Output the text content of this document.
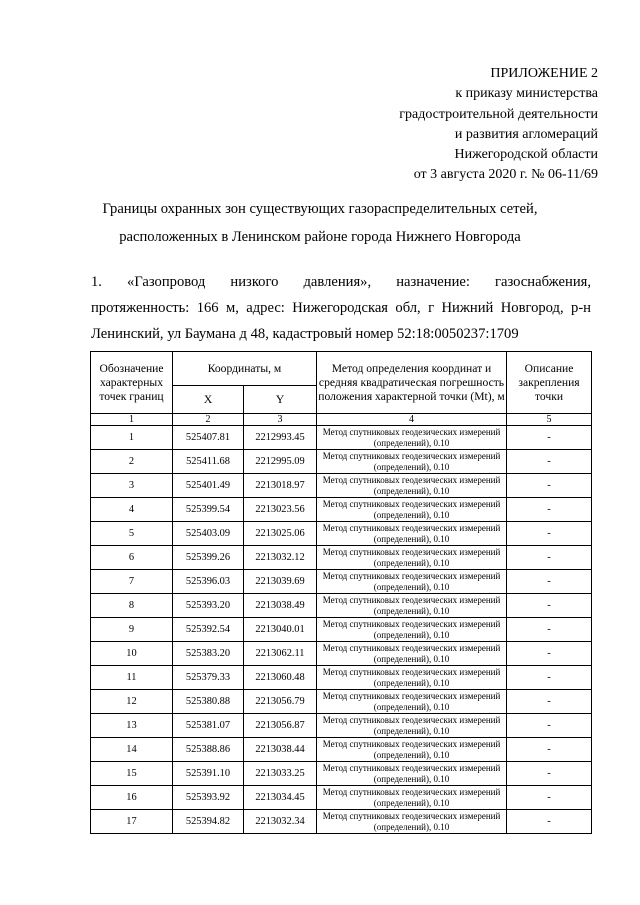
ПРИЛОЖЕНИЕ 2
к приказу министерства
градостроительной деятельности
и развития агломераций
Нижегородской области
от 3 августа 2020 г. № 06-11/69
Границы охранных зон существующих газораспределительных сетей,
расположенных в Ленинском районе города Нижнего Новгорода
1.   «Газопровод   низкого   давления»,   назначение:   газоснабжения,
протяженность: 166 м, адрес: Нижегородская обл, г Нижний Новгород, р-н
Ленинский, ул Баумана д 48, кадастровый номер 52:18:0050237:1709
Обозначение характерных точек границ	Координаты, м		Метод определения координат и средняя квадратическая погрешность положения характерной точки (Mt), м	Описание закрепления точки
	X	Y		
1	2	3	4	5
1	525407.81	2212993.45	Метод спутниковых геодезических измерений (определений), 0.10	-
2	525411.68	2212995.09	Метод спутниковых геодезических измерений (определений), 0.10	-
3	525401.49	2213018.97	Метод спутниковых геодезических измерений (определений), 0.10	-
4	525399.54	2213023.56	Метод спутниковых геодезических измерений (определений), 0.10	-
5	525403.09	2213025.06	Метод спутниковых геодезических измерений (определений), 0.10	-
6	525399.26	2213032.12	Метод спутниковых геодезических измерений (определений), 0.10	-
7	525396.03	2213039.69	Метод спутниковых геодезических измерений (определений), 0.10	-
8	525393.20	2213038.49	Метод спутниковых геодезических измерений (определений), 0.10	-
9	525392.54	2213040.01	Метод спутниковых геодезических измерений (определений), 0.10	-
10	525383.20	2213062.11	Метод спутниковых геодезических измерений (определений), 0.10	-
11	525379.33	2213060.48	Метод спутниковых геодезических измерений (определений), 0.10	-
12	525380.88	2213056.79	Метод спутниковых геодезических измерений (определений), 0.10	-
13	525381.07	2213056.87	Метод спутниковых геодезических измерений (определений), 0.10	-
14	525388.86	2213038.44	Метод спутниковых геодезических измерений (определений), 0.10	-
15	525391.10	2213033.25	Метод спутниковых геодезических измерений (определений), 0.10	-
16	525393.92	2213034.45	Метод спутниковых геодезических измерений (определений), 0.10	-
17	525394.82	2213032.34	Метод спутниковых геодезических измерений (определений), 0.10	-
